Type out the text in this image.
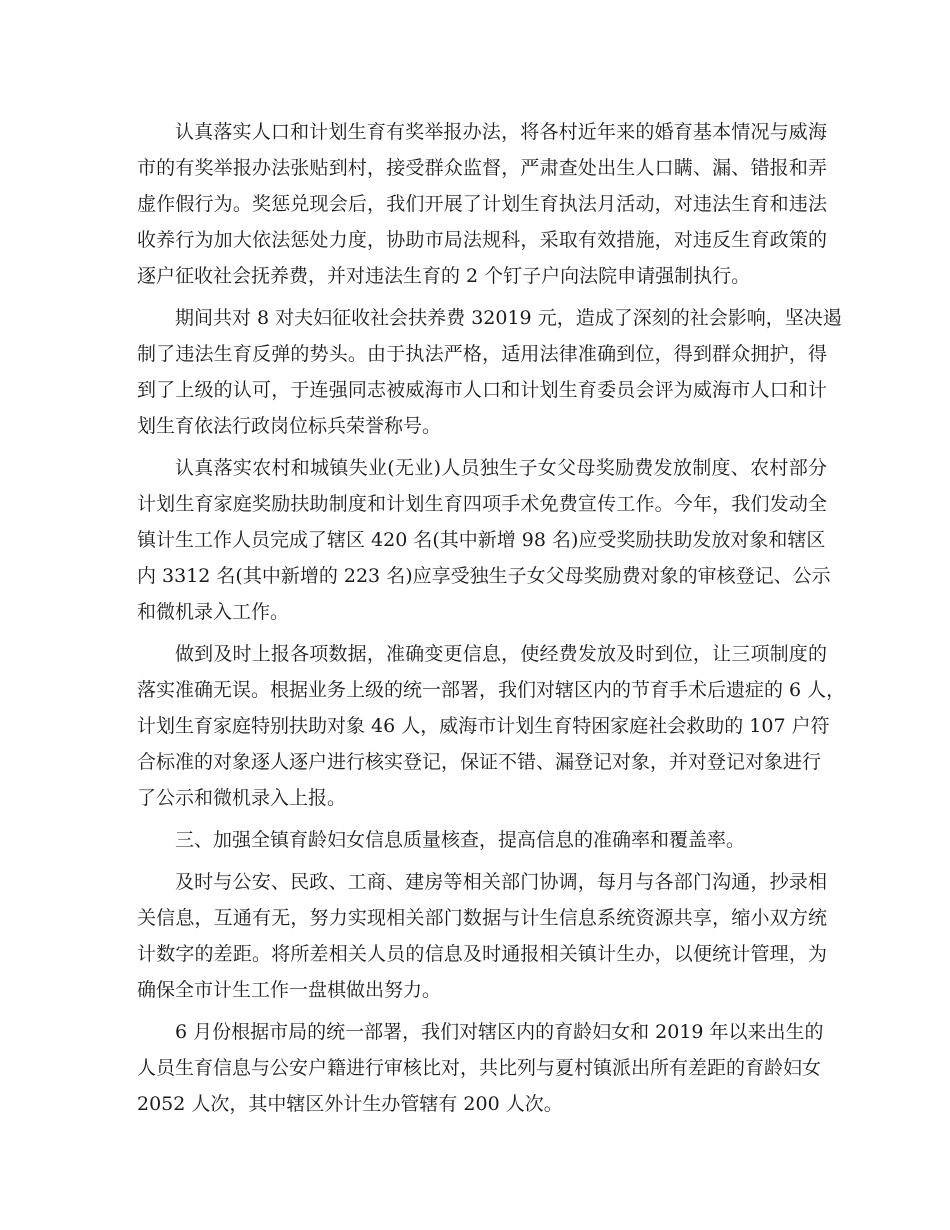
认真落实人口和计划生育有奖举报办法，将各村近年来的婚育基本情况与威海
市的有奖举报办法张贴到村，接受群众监督，严肃查处出生人口瞒、漏、错报和弄
虚作假行为。奖惩兑现会后，我们开展了计划生育执法月活动，对违法生育和违法
收养行为加大依法惩处力度，协助市局法规科，采取有效措施，对违反生育政策的
逐户征收社会抚养费，并对违法生育的 2 个钉子户向法院申请强制执行。
期间共对 8 对夫妇征收社会扶养费 32019 元，造成了深刻的社会影响，坚决遏
制了违法生育反弹的势头。由于执法严格，适用法律准确到位，得到群众拥护，得
到了上级的认可，于连强同志被威海市人口和计划生育委员会评为威海市人口和计
划生育依法行政岗位标兵荣誉称号。
认真落实农村和城镇失业(无业)人员独生子女父母奖励费发放制度、农村部分
计划生育家庭奖励扶助制度和计划生育四项手术免费宣传工作。今年，我们发动全
镇计生工作人员完成了辖区 420 名(其中新增 98 名)应受奖励扶助发放对象和辖区
内 3312 名(其中新增的 223 名)应享受独生子女父母奖励费对象的审核登记、公示
和微机录入工作。
做到及时上报各项数据，准确变更信息，使经费发放及时到位，让三项制度的
落实准确无误。根据业务上级的统一部署，我们对辖区内的节育手术后遗症的 6 人，
计划生育家庭特别扶助对象 46 人，威海市计划生育特困家庭社会救助的 107 户符
合标准的对象逐人逐户进行核实登记，保证不错、漏登记对象，并对登记对象进行
了公示和微机录入上报。
三、加强全镇育龄妇女信息质量核查，提高信息的准确率和覆盖率。
及时与公安、民政、工商、建房等相关部门协调，每月与各部门沟通，抄录相
关信息，互通有无，努力实现相关部门数据与计生信息系统资源共享，缩小双方统
计数字的差距。将所差相关人员的信息及时通报相关镇计生办，以便统计管理，为
确保全市计生工作一盘棋做出努力。
6 月份根据市局的统一部署，我们对辖区内的育龄妇女和 2019 年以来出生的
人员生育信息与公安户籍进行审核比对，共比列与夏村镇派出所有差距的育龄妇女
2052 人次，其中辖区外计生办管辖有 200 人次。
